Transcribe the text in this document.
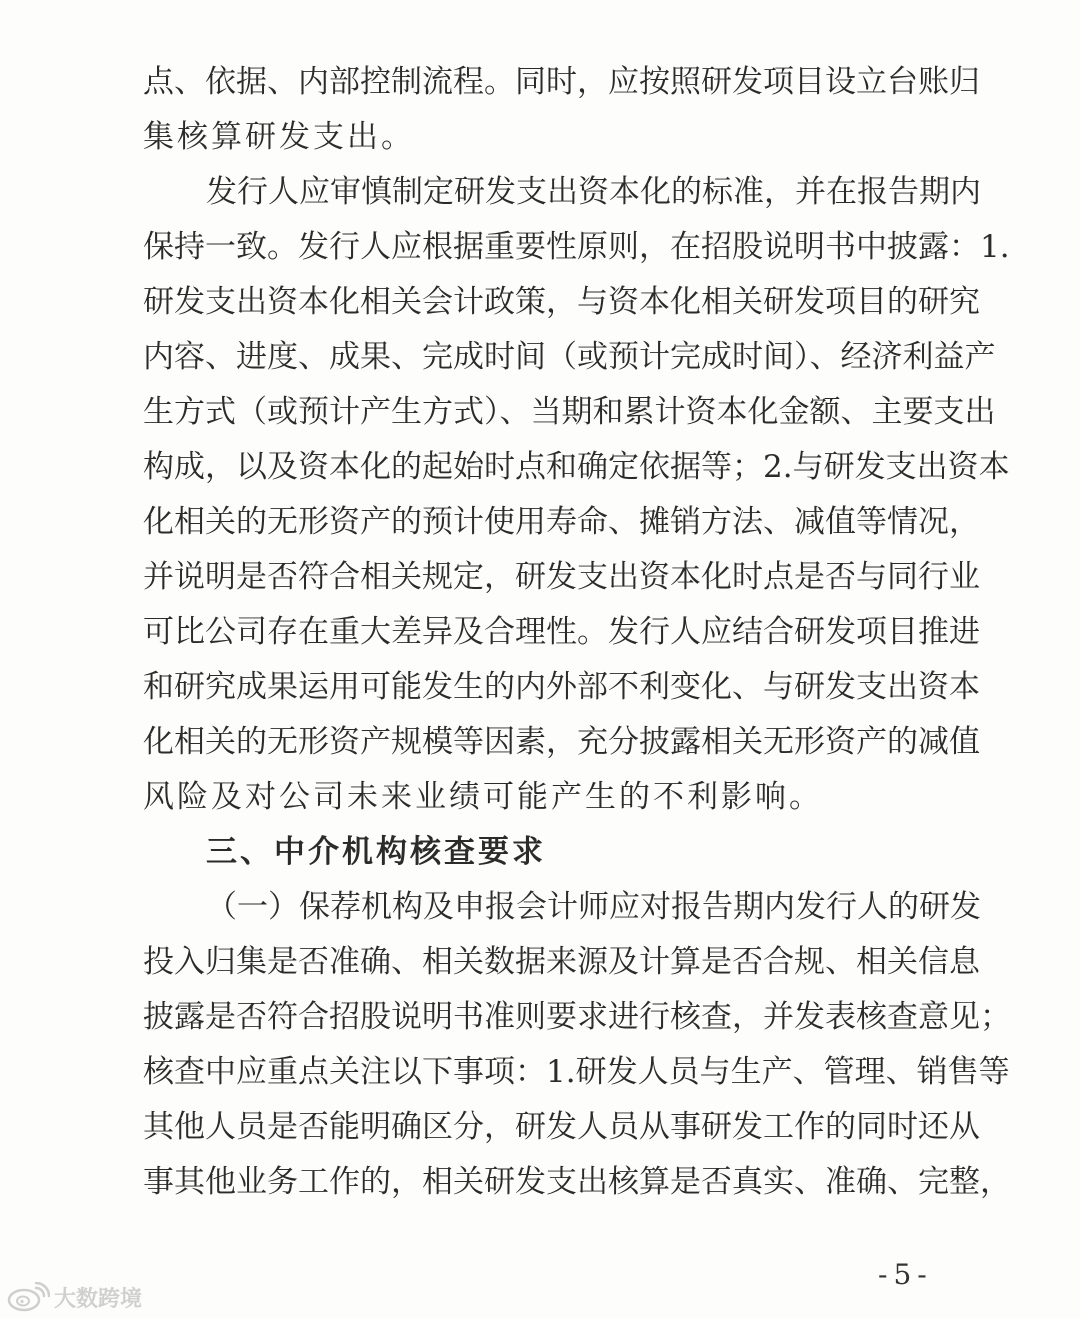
点、依据、内部控制流程。同时，应按照研发项目设立台账归
集核算研发支出。
发行人应审慎制定研发支出资本化的标准，并在报告期内
保持一致。发行人应根据重要性原则，在招股说明书中披露：1.
研发支出资本化相关会计政策，与资本化相关研发项目的研究
内容、进度、成果、完成时间（或预计完成时间）、经济利益产
生方式（或预计产生方式）、当期和累计资本化金额、主要支出
构成，以及资本化的起始时点和确定依据等；2.与研发支出资本
化相关的无形资产的预计使用寿命、摊销方法、减值等情况，
并说明是否符合相关规定，研发支出资本化时点是否与同行业
可比公司存在重大差异及合理性。发行人应结合研发项目推进
和研究成果运用可能发生的内外部不利变化、与研发支出资本
化相关的无形资产规模等因素，充分披露相关无形资产的减值
风险及对公司未来业绩可能产生的不利影响。
三、中介机构核查要求
（一）保荐机构及申报会计师应对报告期内发行人的研发
投入归集是否准确、相关数据来源及计算是否合规、相关信息
披露是否符合招股说明书准则要求进行核查，并发表核查意见；
核查中应重点关注以下事项：1.研发人员与生产、管理、销售等
其他人员是否能明确区分，研发人员从事研发工作的同时还从
事其他业务工作的，相关研发支出核算是否真实、准确、完整，
-5-
大数跨境
